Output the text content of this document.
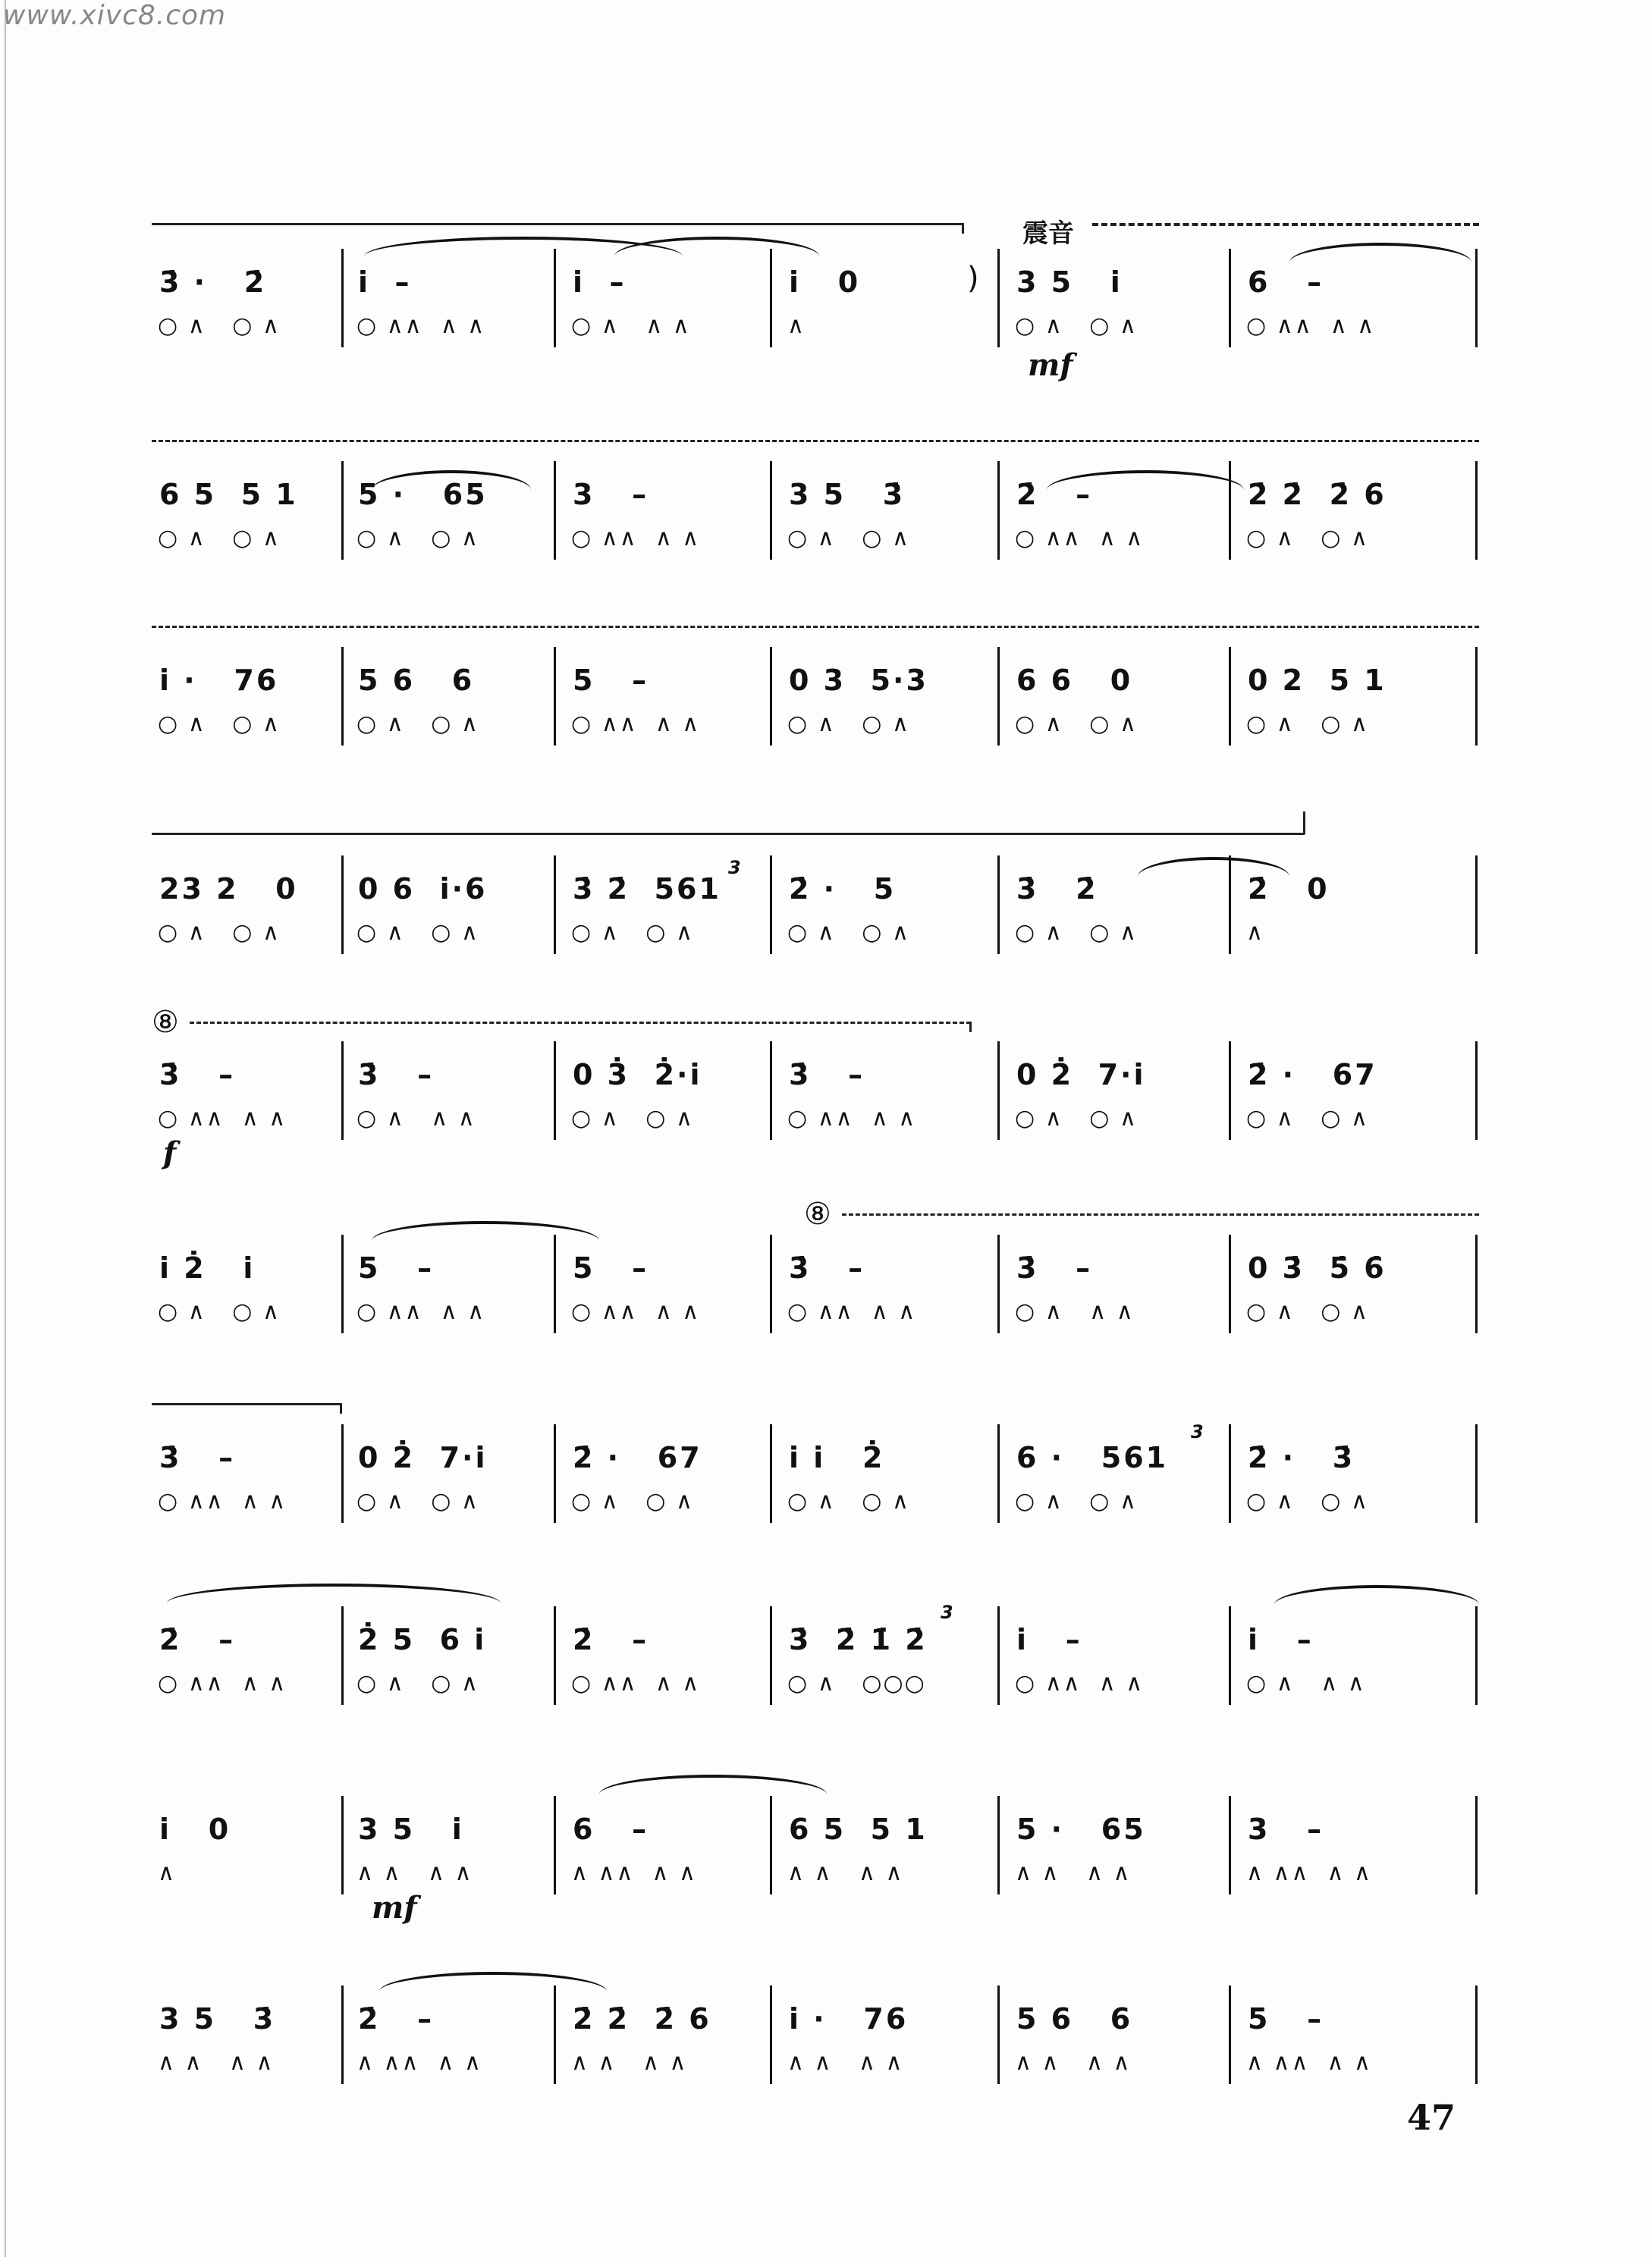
www.xivc8.com
震音
)
3̇ ·   2̇
○ ∧   ○ ∧
i̇  –
○ ∧∧  ∧ ∧
i̇  –
○ ∧   ∧ ∧
i̇   0
∧
3 5   i̇
○ ∧   ○ ∧
mf
6   –
○ ∧∧  ∧ ∧
6 5  5 1
○ ∧   ○ ∧
5 ·   65
○ ∧   ○ ∧
3   –
○ ∧∧  ∧ ∧
3 5   3̇
○ ∧   ○ ∧
2̇   –
○ ∧∧  ∧ ∧
2̇ 2̇  2̇ 6
○ ∧   ○ ∧
i̇ ·   76
○ ∧   ○ ∧
5 6   6
○ ∧   ○ ∧
5   –
○ ∧∧  ∧ ∧
0 3  5·3
○ ∧   ○ ∧
6 6   0
○ ∧   ○ ∧
0 2  5 1
○ ∧   ○ ∧
3
23 2   0
○ ∧   ○ ∧
0 6  i̇·6
○ ∧   ○ ∧
3̇ 2̇  561
○ ∧   ○ ∧
2̇ ·   5
○ ∧   ○ ∧
3̇   2̇
○ ∧   ○ ∧
2̇   0
∧
⑧
3̇   –
○ ∧∧  ∧ ∧
f
3̇   –
○ ∧   ∧ ∧
0 3̇  2̇·i̇
○ ∧   ○ ∧
3̇   –
○ ∧∧  ∧ ∧
0 2̇  7·i̇
○ ∧   ○ ∧
2̇ ·   67
○ ∧   ○ ∧
⑧
i̇ 2̇   i̇
○ ∧   ○ ∧
5   –
○ ∧∧  ∧ ∧
5   –
○ ∧∧  ∧ ∧
3̇   –
○ ∧∧  ∧ ∧
3̇   –
○ ∧   ∧ ∧
0 3̇  5̇ 6̇
○ ∧   ○ ∧
3
3̇   –
○ ∧∧  ∧ ∧
0 2̇  7·i̇
○ ∧   ○ ∧
2̇ ·   67
○ ∧   ○ ∧
i̇ i̇   2̇
○ ∧   ○ ∧
6 ·   561
○ ∧   ○ ∧
2̇ ·   3̇
○ ∧   ○ ∧
3
2̇   –
○ ∧∧  ∧ ∧
2̇ 5  6 i̇
○ ∧   ○ ∧
2̇   –
○ ∧∧  ∧ ∧
3̇  2̇ 1̇ 2̇
○ ∧   ○○○
i̇   –
○ ∧∧  ∧ ∧
i̇   –
○ ∧   ∧ ∧
i̇   0
∧
3 5   i̇
∧ ∧   ∧ ∧
mf
6   –
∧ ∧∧  ∧ ∧
6 5  5 1
∧ ∧   ∧ ∧
5 ·   65
∧ ∧   ∧ ∧
3   –
∧ ∧∧  ∧ ∧
3 5   3̇
∧ ∧   ∧ ∧
2̇   –
∧ ∧∧  ∧ ∧
2̇ 2̇  2̇ 6
∧ ∧   ∧ ∧
i̇ ·   76
∧ ∧   ∧ ∧
5 6   6
∧ ∧   ∧ ∧
5   –
∧ ∧∧  ∧ ∧
47
